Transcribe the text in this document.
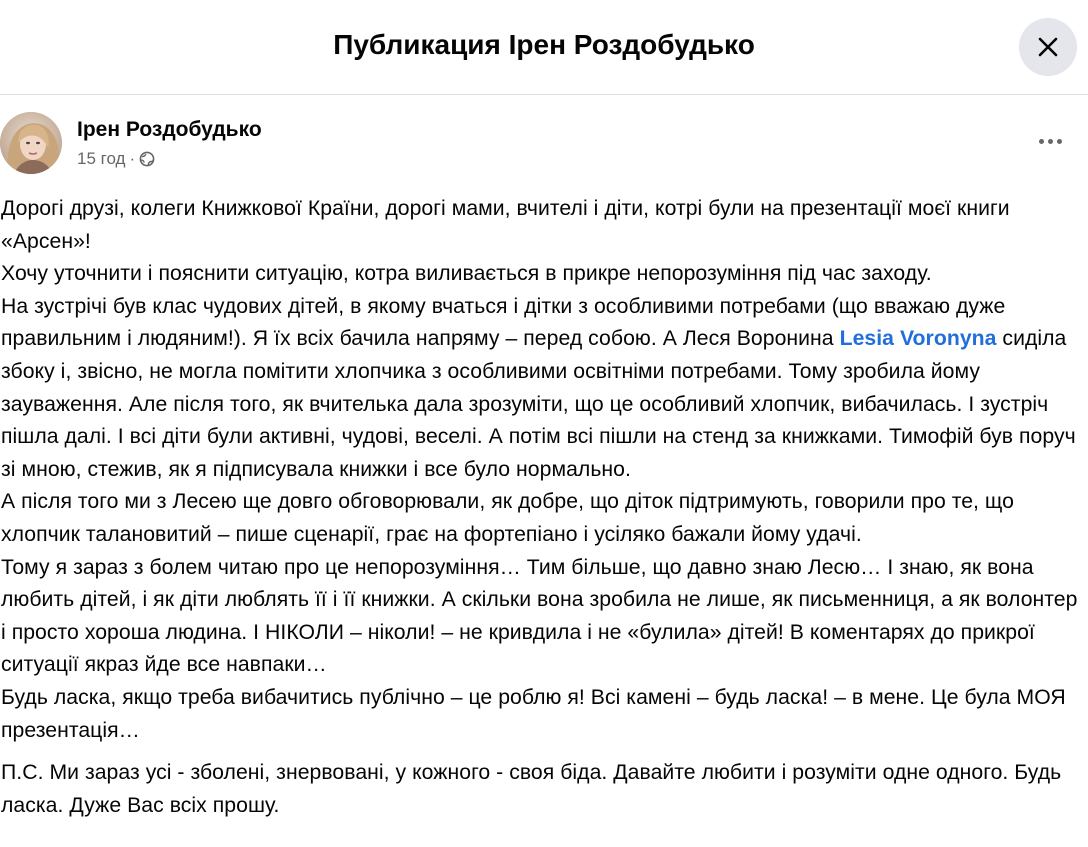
Публикация Ірен Роздобудько
Ірен Роздобудько
15 год ·

Дорогі друзі, колеги Книжкової Країни, дорогі мами, вчителі і діти, котрі були на презентації моєї книги «Арсен»!

Хочу уточнити і пояснити ситуацію, котра виливається в прикре непорозуміння під час заходу.

На зустрічі був клас чудових дітей, в якому вчаться і дітки з особливими потребами (що вважаю дуже правильним і людяним!). Я їх всіх бачила напряму – перед собою. А Леся Воронина Lesia Voronyna сиділа збоку і, звісно, не могла помітити хлопчика з особливими освітніми потребами. Тому зробила йому зауваження. Але після того, як вчителька дала зрозуміти, що це особливий хлопчик, вибачилась. І зустріч пішла далі. І всі діти були активні, чудові, веселі. А потім всі пішли на стенд за книжками. Тимофій був поруч зі мною, стежив, як я підписувала книжки і все було нормально.

А після того ми з Лесею ще довго обговорювали, як добре, що діток підтримують, говорили про те, що хлопчик талановитий – пише сценарії, грає на фортепіано і усіляко бажали йому удачі.

Тому я зараз з болем читаю про це непорозуміння… Тим більше, що давно знаю Лесю… І знаю, як вона любить дітей, і як діти люблять її і її книжки. А скільки вона зробила не лише, як письменниця, а як волонтер і просто хороша людина. І НІКОЛИ – ніколи! – не кривдила і не «булила» дітей! В коментарях до прикрої ситуації якраз йде все навпаки…

Будь ласка, якщо треба вибачитись публічно – це роблю я! Всі камені – будь ласка! – в мене. Це була МОЯ презентація…

П.С. Ми зараз усі - зболені, знервовані, у кожного - своя біда. Давайте любити і розуміти одне одного. Будь ласка. Дуже Вас всіх прошу.
